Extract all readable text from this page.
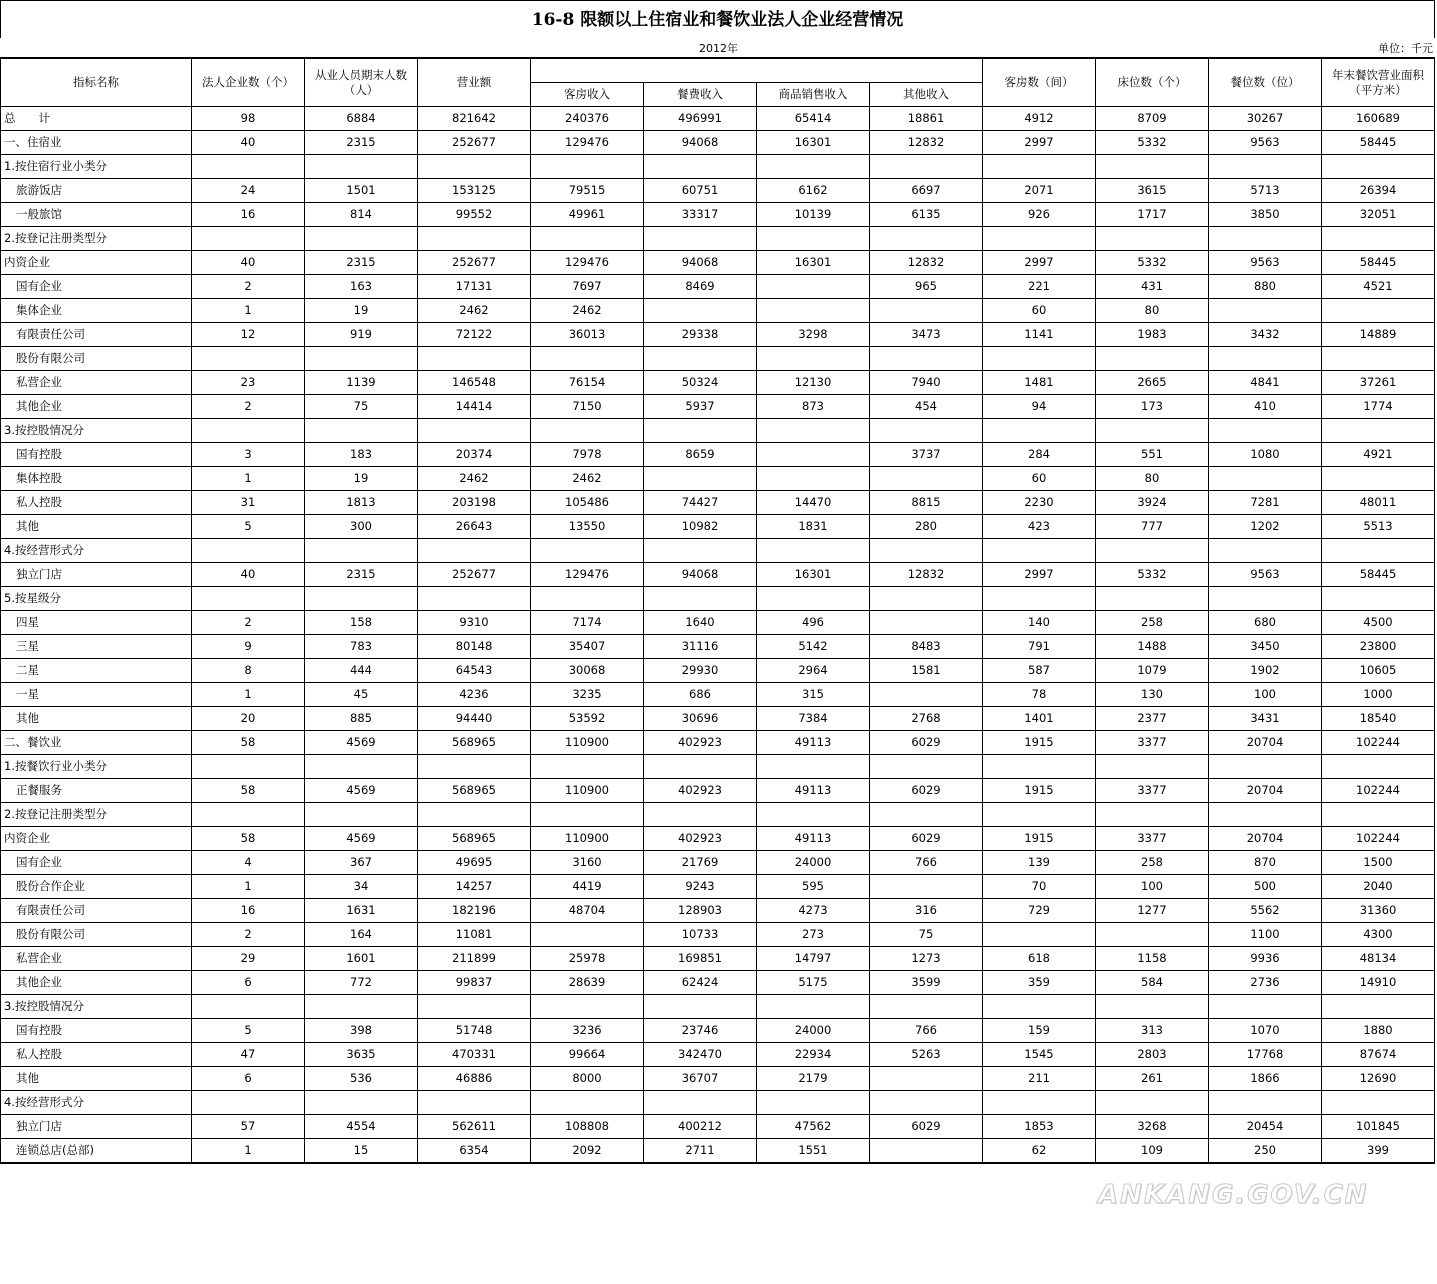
16-8 限额以上住宿业和餐饮业法人企业经营情况
2012年	单位：千元
指标名称	法人企业数（个）	从业人员期末人数（人）	营业额					客房数（间）	床位数（个）	餐位数（位）	年末餐饮营业面积（平方米）
				客房收入	餐费收入	商品销售收入	其他收入				
总　　计	98	6884	821642	240376	496991	65414	18861	4912	8709	30267	160689
一、住宿业	40	2315	252677	129476	94068	16301	12832	2997	5332	9563	58445
1.按住宿行业小类分											
旅游饭店	24	1501	153125	79515	60751	6162	6697	2071	3615	5713	26394
一般旅馆	16	814	99552	49961	33317	10139	6135	926	1717	3850	32051
2.按登记注册类型分											
内资企业	40	2315	252677	129476	94068	16301	12832	2997	5332	9563	58445
国有企业	2	163	17131	7697	8469		965	221	431	880	4521
集体企业	1	19	2462	2462				60	80		
有限责任公司	12	919	72122	36013	29338	3298	3473	1141	1983	3432	14889
股份有限公司											
私营企业	23	1139	146548	76154	50324	12130	7940	1481	2665	4841	37261
其他企业	2	75	14414	7150	5937	873	454	94	173	410	1774
3.按控股情况分											
国有控股	3	183	20374	7978	8659		3737	284	551	1080	4921
集体控股	1	19	2462	2462				60	80		
私人控股	31	1813	203198	105486	74427	14470	8815	2230	3924	7281	48011
其他	5	300	26643	13550	10982	1831	280	423	777	1202	5513
4.按经营形式分											
独立门店	40	2315	252677	129476	94068	16301	12832	2997	5332	9563	58445
5.按星级分											
四星	2	158	9310	7174	1640	496		140	258	680	4500
三星	9	783	80148	35407	31116	5142	8483	791	1488	3450	23800
二星	8	444	64543	30068	29930	2964	1581	587	1079	1902	10605
一星	1	45	4236	3235	686	315		78	130	100	1000
其他	20	885	94440	53592	30696	7384	2768	1401	2377	3431	18540
二、餐饮业	58	4569	568965	110900	402923	49113	6029	1915	3377	20704	102244
1.按餐饮行业小类分											
正餐服务	58	4569	568965	110900	402923	49113	6029	1915	3377	20704	102244
2.按登记注册类型分											
内资企业	58	4569	568965	110900	402923	49113	6029	1915	3377	20704	102244
国有企业	4	367	49695	3160	21769	24000	766	139	258	870	1500
股份合作企业	1	34	14257	4419	9243	595		70	100	500	2040
有限责任公司	16	1631	182196	48704	128903	4273	316	729	1277	5562	31360
股份有限公司	2	164	11081		10733	273	75			1100	4300
私营企业	29	1601	211899	25978	169851	14797	1273	618	1158	9936	48134
其他企业	6	772	99837	28639	62424	5175	3599	359	584	2736	14910
3.按控股情况分											
国有控股	5	398	51748	3236	23746	24000	766	159	313	1070	1880
私人控股	47	3635	470331	99664	342470	22934	5263	1545	2803	17768	87674
其他	6	536	46886	8000	36707	2179		211	261	1866	12690
4.按经营形式分											
独立门店	57	4554	562611	108808	400212	47562	6029	1853	3268	20454	101845
连锁总店(总部)	1	15	6354	2092	2711	1551		62	109	250	399
ANKANG.GOV.CN
